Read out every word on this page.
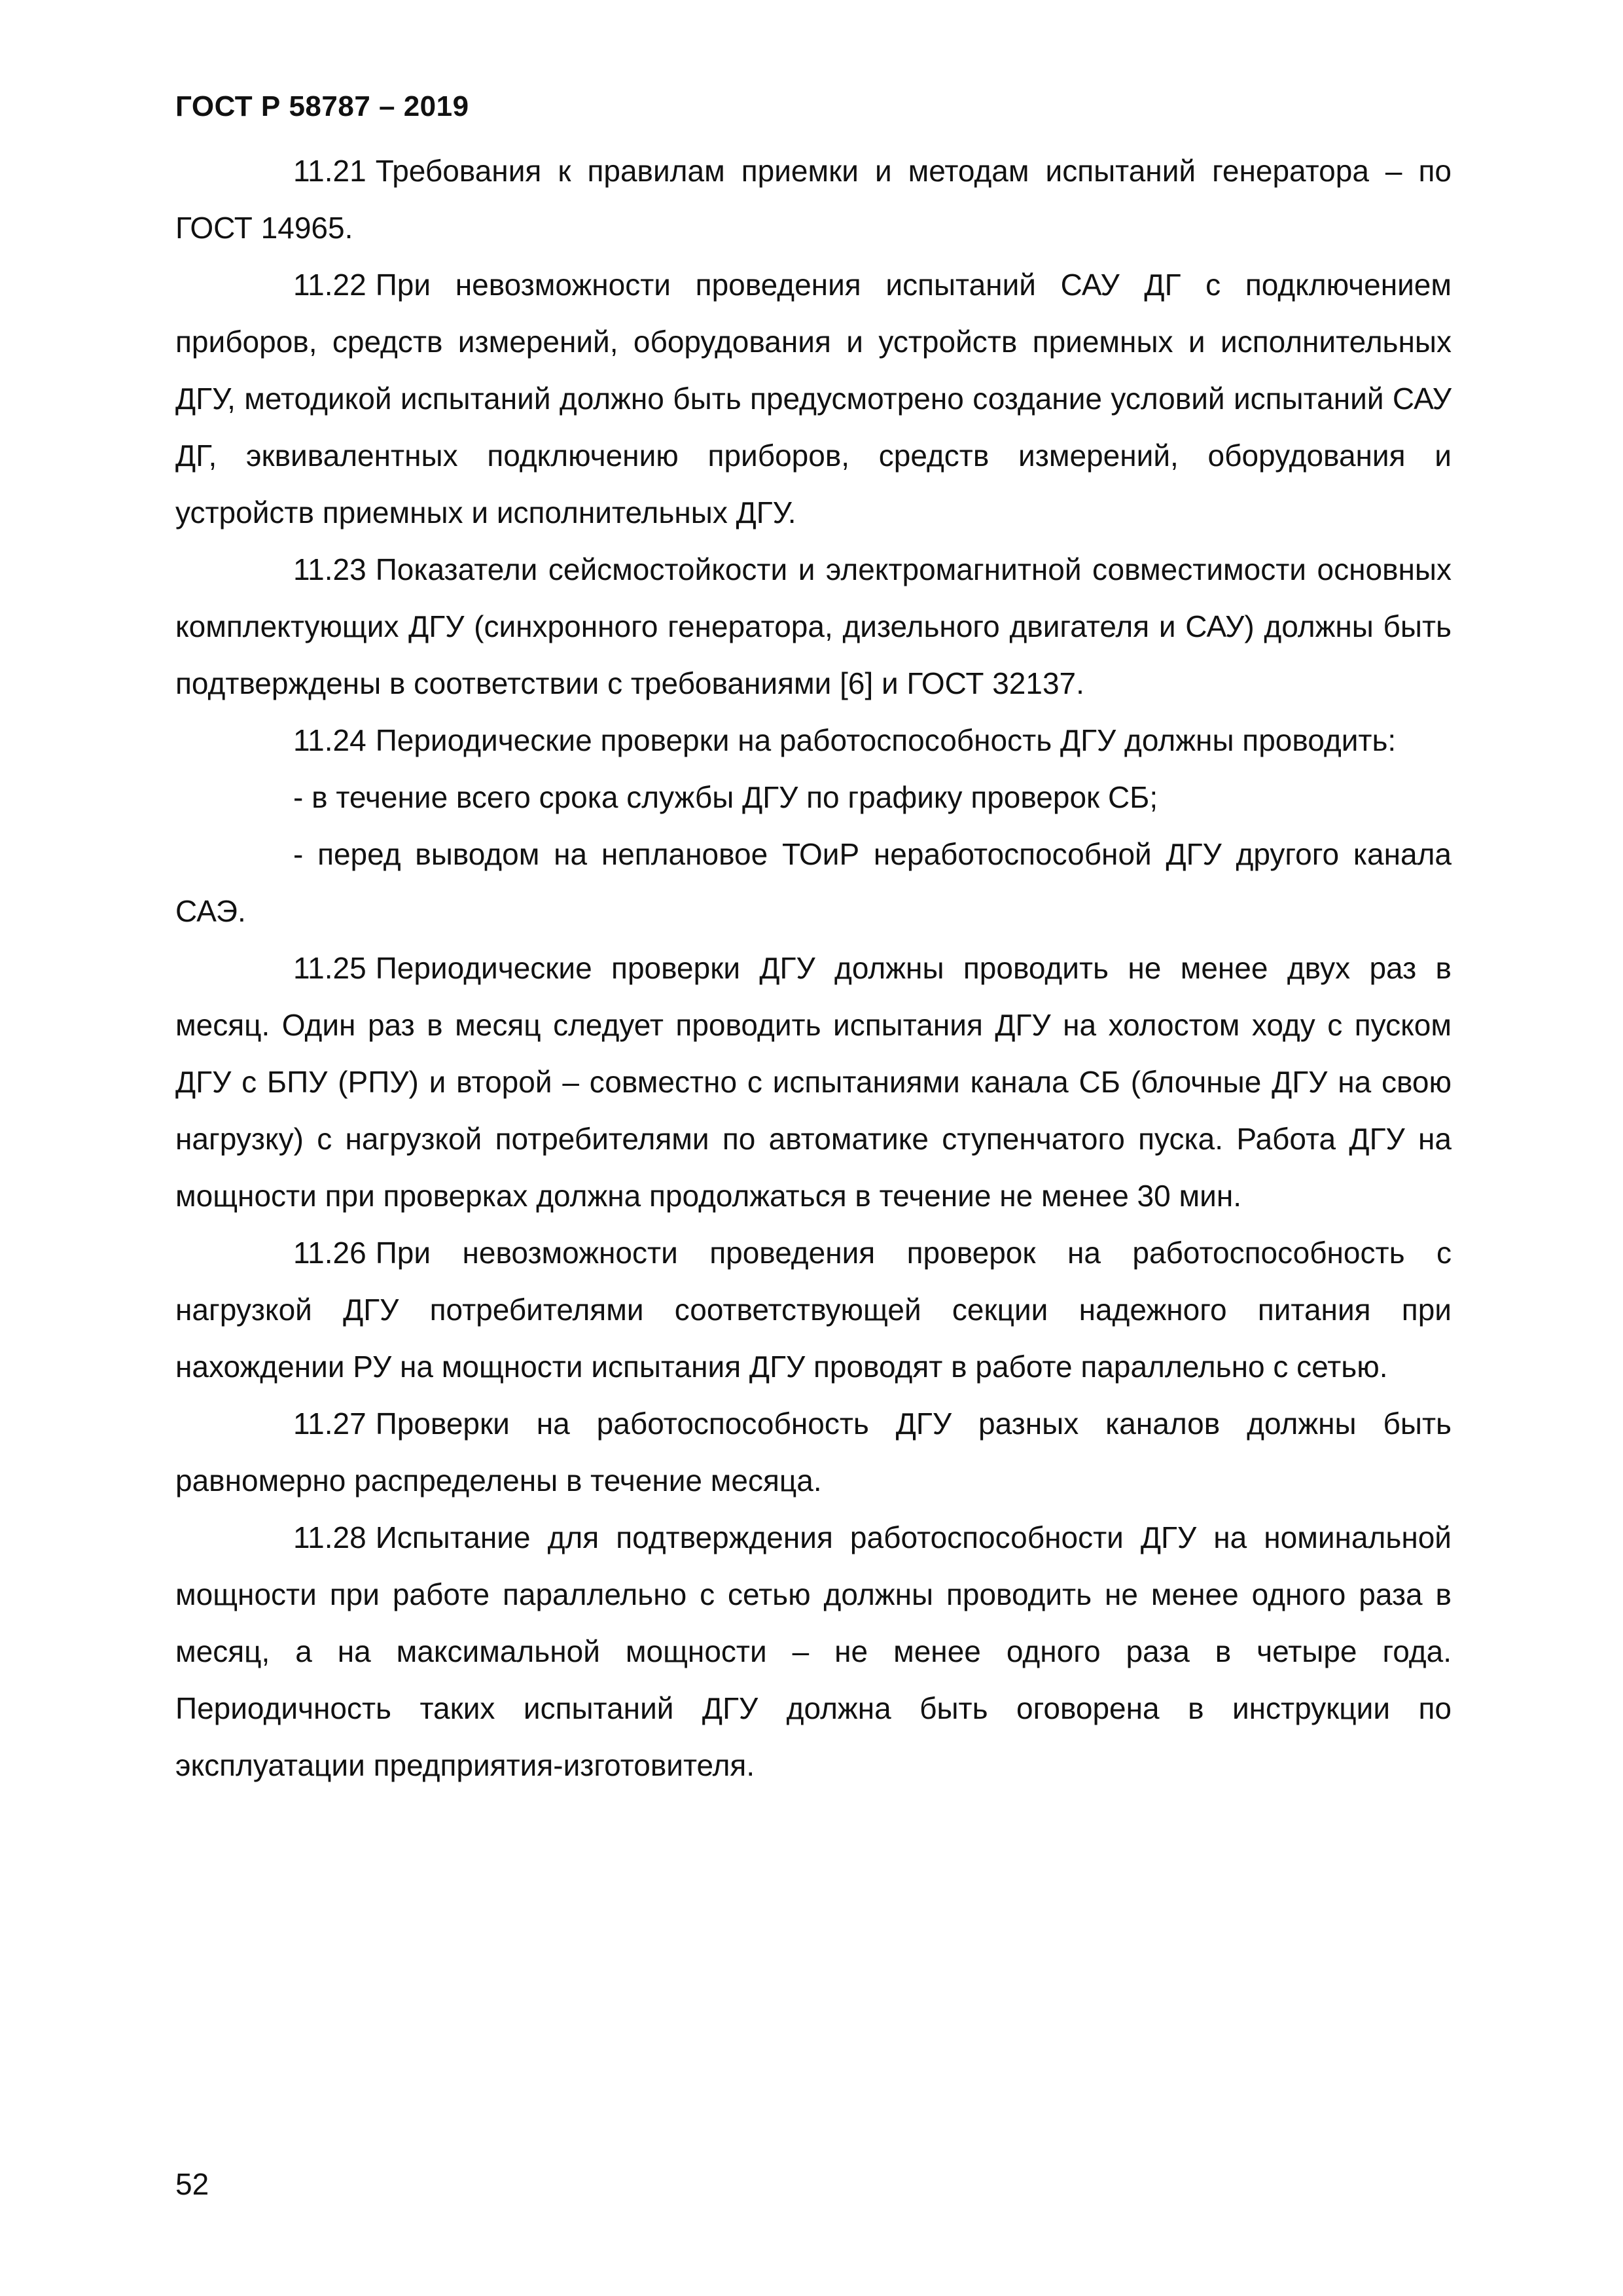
ГОСТ Р 58787 – 2019

11.21 Требования к правилам приемки и методам испытаний генератора – по ГОСТ 14965.

11.22 При невозможности проведения испытаний САУ ДГ с подключением приборов, средств измерений, оборудования и устройств приемных и исполнительных ДГУ, методикой испытаний должно быть предусмотрено создание условий испытаний САУ ДГ, эквивалентных подключению приборов, средств измерений, оборудования и устройств приемных и исполнительных ДГУ.

11.23 Показатели сейсмостойкости и электромагнитной совместимости основных комплектующих ДГУ (синхронного генератора, дизельного двигателя и САУ) должны быть подтверждены в соответствии с требованиями [6] и ГОСТ 32137.

11.24 Периодические проверки на работоспособность ДГУ должны проводить:

- в течение всего срока службы ДГУ по графику проверок СБ;

- перед выводом на неплановое ТОиР неработоспособной ДГУ другого канала САЭ.

11.25 Периодические проверки ДГУ должны проводить не менее двух раз в месяц. Один раз в месяц следует проводить испытания ДГУ на холостом ходу с пуском ДГУ с БПУ (РПУ) и второй – совместно с испытаниями канала СБ (блочные ДГУ на свою нагрузку) с нагрузкой потребителями по автоматике ступенчатого пуска. Работа ДГУ на мощности при проверках должна продолжаться в течение не менее 30 мин.

11.26 При невозможности проведения проверок на работоспособность с нагрузкой ДГУ потребителями соответствующей секции надежного питания при нахождении РУ на мощности испытания ДГУ проводят в работе параллельно с сетью.

11.27 Проверки на работоспособность ДГУ разных каналов должны быть равномерно распределены в течение месяца.

11.28 Испытание для подтверждения работоспособности ДГУ на номинальной мощности при работе параллельно с сетью должны проводить не менее одного раза в месяц, а на максимальной мощности – не менее одного раза в четыре года. Периодичность таких испытаний ДГУ должна быть оговорена в инструкции по эксплуатации предприятия-изготовителя.

52
